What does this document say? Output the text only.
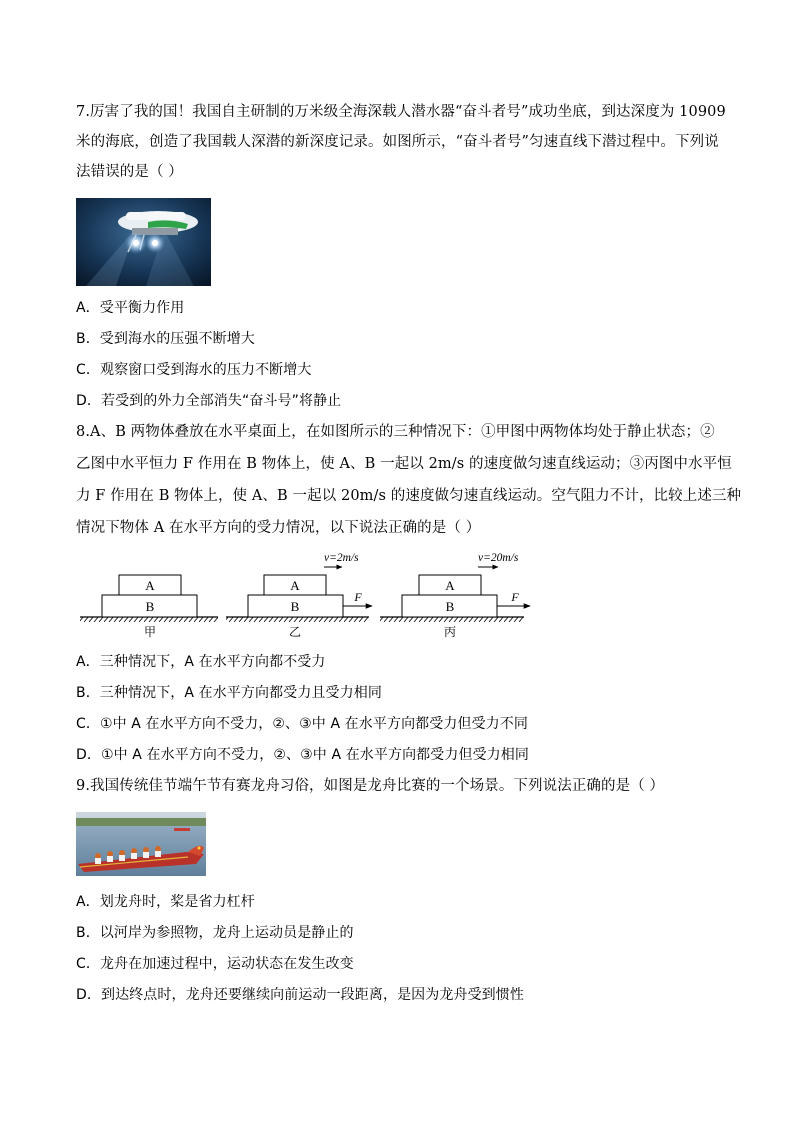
7.厉害了我的国！我国自主研制的万米级全海深载人潜水器“奋斗者号”成功坐底，到达深度为 10909
米的海底，创造了我国载人深潜的新深度记录。如图所示，“奋斗者号”匀速直线下潜过程中。下列说
法错误的是（ ）
A．受平衡力作用
B．受到海水的压强不断增大
C．观察窗口受到海水的压力不断增大
D．若受到的外力全部消失“奋斗号”将静止
8.A、B 两物体叠放在水平桌面上，在如图所示的三种情况下：①甲图中两物体均处于静止状态；②
乙图中水平恒力 F 作用在 B 物体上，使 A、B 一起以 2m/s 的速度做匀速直线运动；③丙图中水平恒
力 F 作用在 B 物体上，使 A、B 一起以 20m/s 的速度做匀速直线运动。空气阻力不计，比较上述三种
情况下物体 A 在水平方向的受力情况，以下说法正确的是（ ）
A
B
甲
A
B
F
v=2m/s
乙
A
B
F
v=20m/s
丙
A．三种情况下，A 在水平方向都不受力
B．三种情况下，A 在水平方向都受力且受力相同
C．①中 A 在水平方向不受力，②、③中 A 在水平方向都受力但受力不同
D．①中 A 在水平方向不受力，②、③中 A 在水平方向都受力但受力相同
9.我国传统佳节端午节有赛龙舟习俗，如图是龙舟比赛的一个场景。下列说法正确的是（ ）
A．划龙舟时，桨是省力杠杆
B．以河岸为参照物，龙舟上运动员是静止的
C．龙舟在加速过程中，运动状态在发生改变
D．到达终点时，龙舟还要继续向前运动一段距离，是因为龙舟受到惯性
